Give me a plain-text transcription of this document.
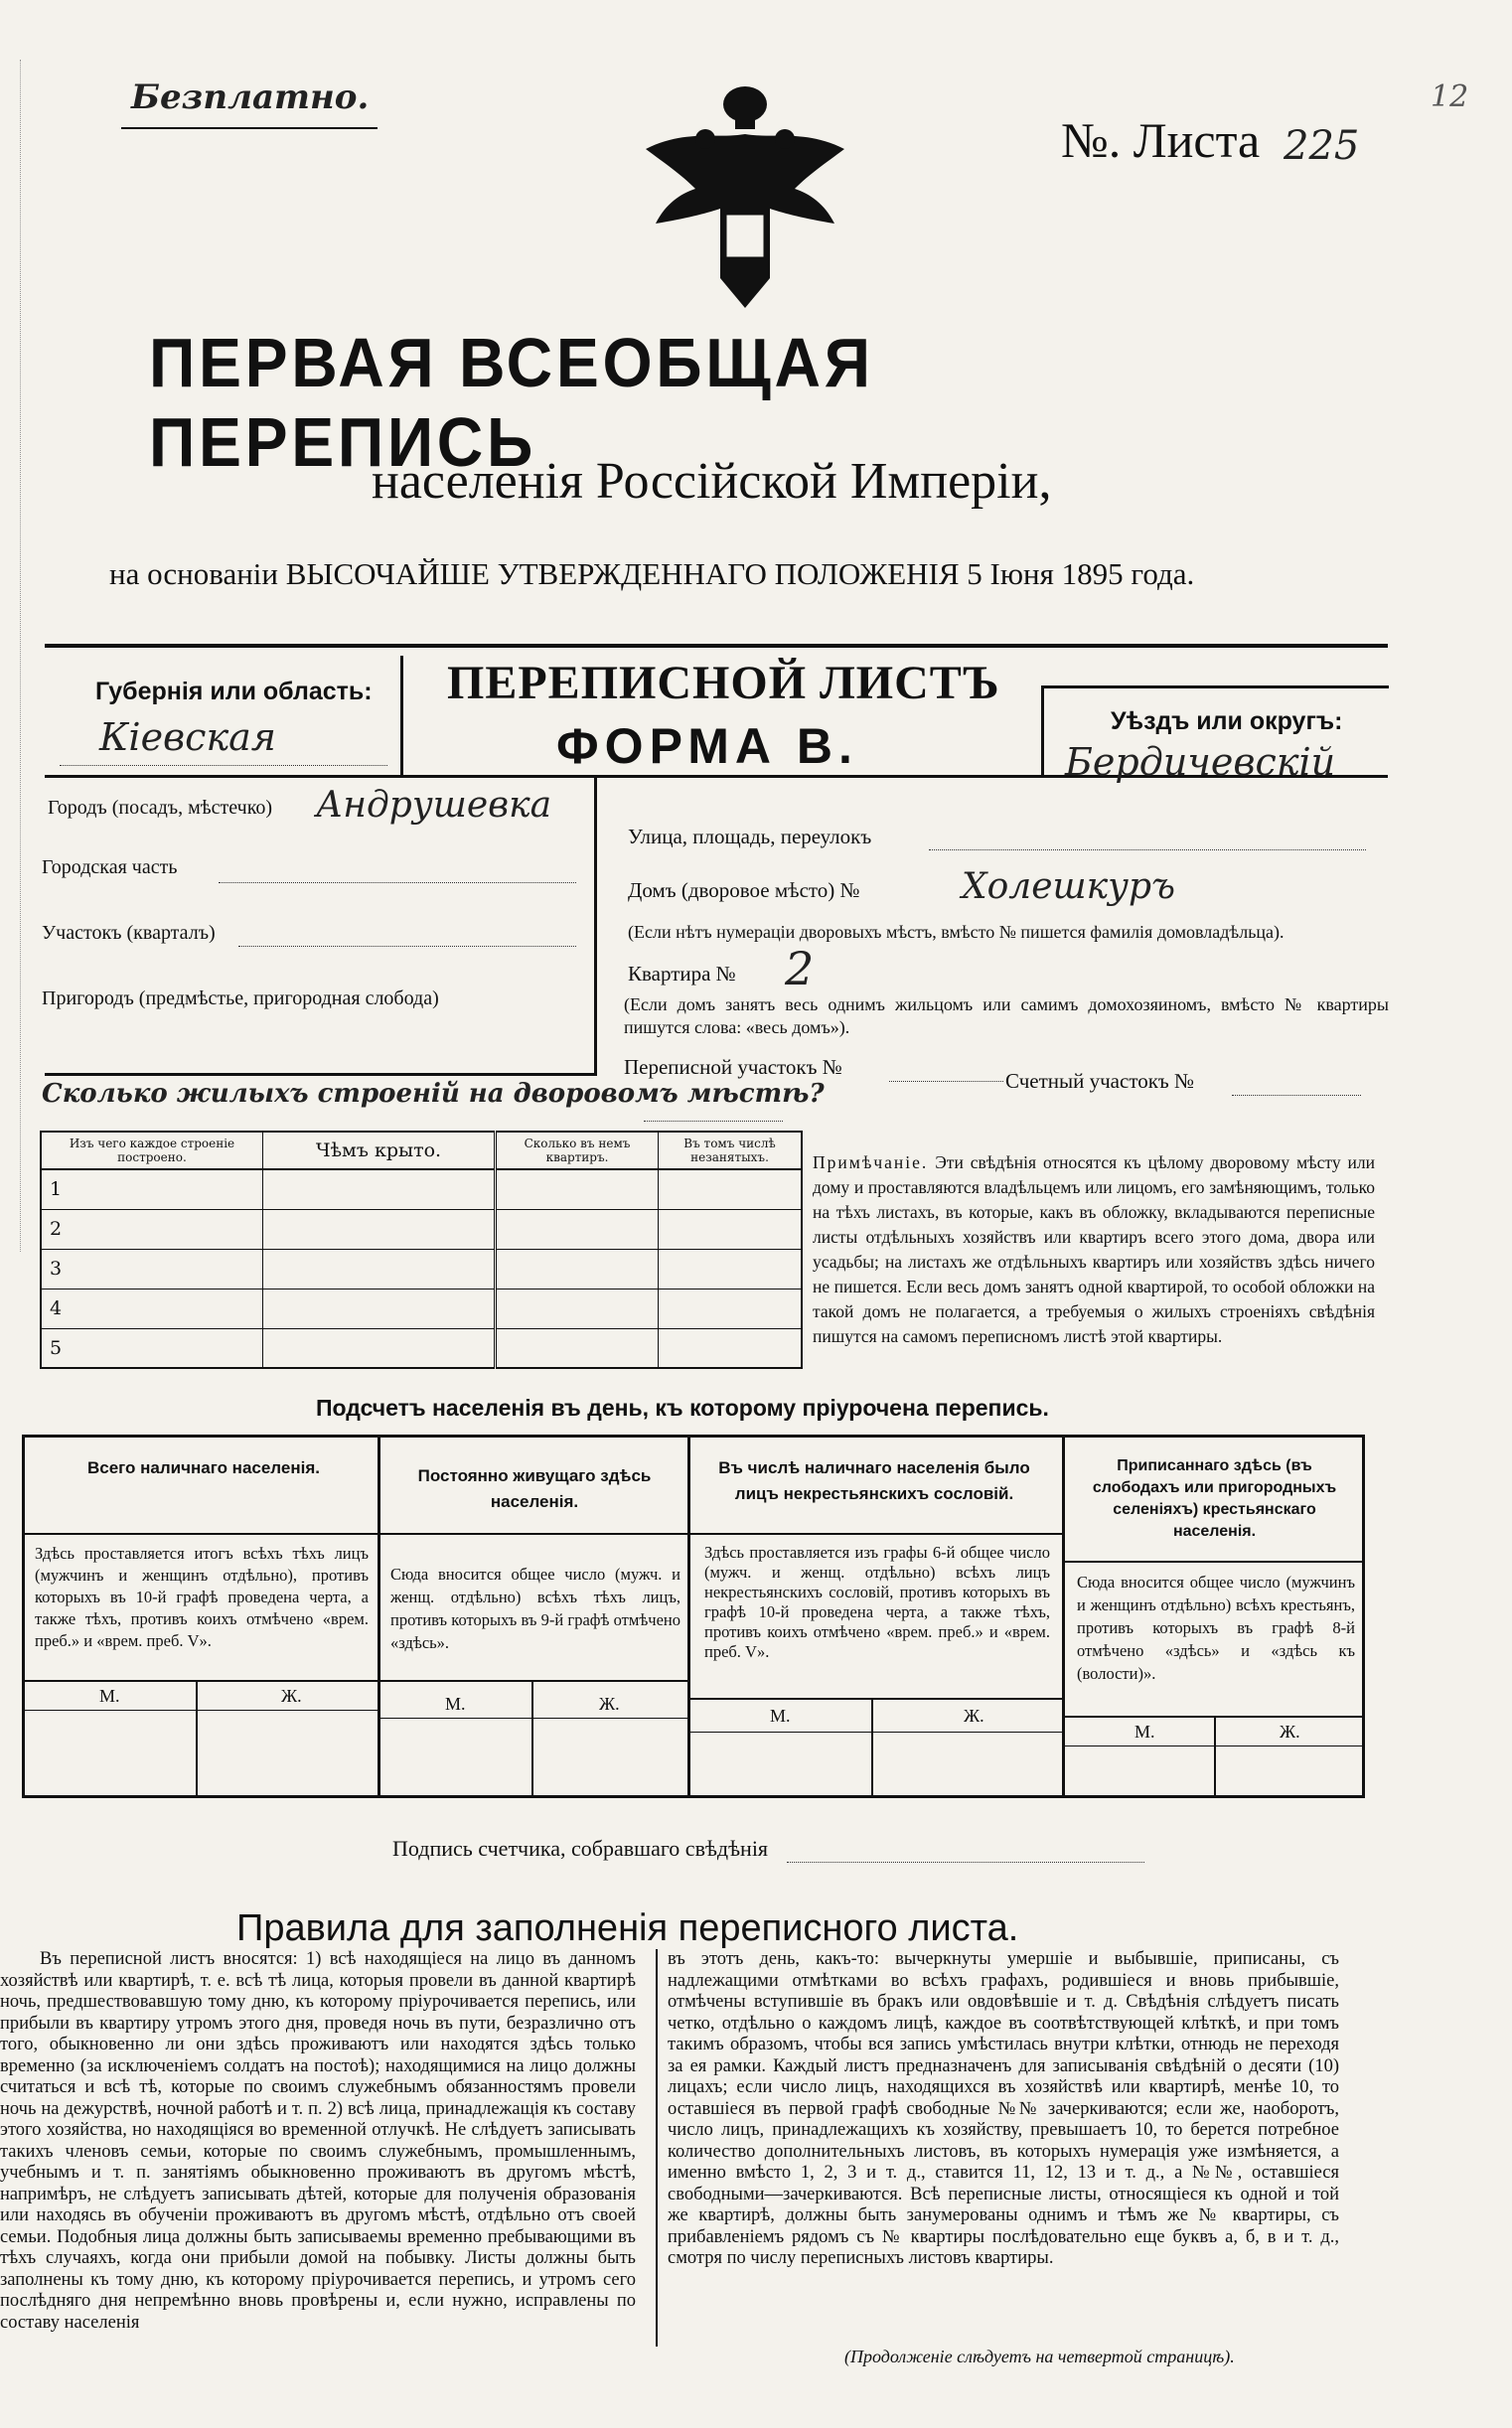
Безплатно.
№. Листа 225
12
ПЕРВАЯ ВСЕОБЩАЯ ПЕРЕПИСЬ
населенія Россійской Имперіи,
на основаніи ВЫСОЧАЙШЕ УТВЕРЖДЕННАГО ПОЛОЖЕНІЯ 5 Іюня 1895 года.
Губернія или область:
Кіевская
ПЕРЕПИСНОЙ ЛИСТЪ
ФОРМА В.	Уѣздъ или округъ:
Бердичевскій
Городъ (посадъ, мѣстечко) Андрушевка
Городская часть
Участокъ (кварталъ)
Пригородъ (предмѣстье, пригородная слобода)
Улица, площадь, переулокъ
Домъ (дворовое мѣсто) №	Холешкуръ
(Если нѣтъ нумераціи дворовыхъ мѣстъ, вмѣсто № пишется фамилія домовладѣльца).
Квартира № 2
(Если домъ занятъ весь однимъ жильцомъ или самимъ домохозяиномъ, вмѣсто № квартиры пишутся слова: «весь домъ»).
Переписной участокъ №
Счетный участокъ №
Сколько жилыхъ строеній на дворовомъ мѣстѣ?
Изъ чего каждое строеніе построено.	Чѣмъ крыто.	Сколько въ немъ квартиръ.	Въ томъ числѣ незанятыхъ.
1			
2			
3			
4			
5			
Примѣчаніе. Эти свѣдѣнія относятся къ цѣлому дворовому мѣсту или дому и проставляются владѣльцемъ или лицомъ, его замѣняющимъ, только на тѣхъ листахъ, въ которые, какъ въ обложку, вкладываются переписные листы отдѣльныхъ хозяйствъ или квартиръ всего этого дома, двора или усадьбы; на листахъ же отдѣльныхъ квартиръ или хозяйствъ здѣсь ничего не пишется. Если весь домъ занятъ одной квартирой, то особой обложки на такой домъ не полагается, а требуемыя о жилыхъ строеніяхъ свѣдѣнія пишутся на самомъ переписномъ листѣ этой квартиры.
Подсчетъ населенія въ день, къ которому пріурочена перепись.

Всего наличнаго населенія.

Здѣсь проставляется итогъ всѣхъ тѣхъ лицъ (мужчинъ и женщинъ отдѣльно), противъ которыхъ въ 10-й графѣ проведена черта, а также тѣхъ, противъ коихъ отмѣчено «врем. преб.» и «врем. преб. V».

М.	Ж.

Постоянно живущаго здѣсь населенія.

Сюда вносится общее число (мужч. и женщ. отдѣльно) всѣхъ тѣхъ лицъ, противъ которыхъ въ 9-й графѣ отмѣчено «здѣсь».

М.	Ж.

Въ числѣ наличнаго населенія было лицъ некрестьянскихъ сословій.

Здѣсь проставляется изъ графы 6-й общее число (мужч. и женщ. отдѣльно) всѣхъ лицъ некрестьянскихъ сословій, противъ которыхъ въ графѣ 10-й проведена черта, а также тѣхъ, противъ коихъ отмѣчено «врем. преб.» и «врем. преб. V».

М.	Ж.

Приписаннаго здѣсь (въ слободахъ или пригородныхъ селеніяхъ) крестьянскаго населенія.

Сюда вносится общее число (мужчинъ и женщинъ отдѣльно) всѣхъ крестьянъ, противъ которыхъ въ графѣ 8-й отмѣчено «здѣсь» и «здѣсь къ (волости)».

М.	Ж.
Подпись счетчика, собравшаго свѣдѣнія
Правила для заполненія переписного листа.
Въ переписной листъ вносятся: 1) всѣ находящіеся на лицо въ данномъ хозяйствѣ или квартирѣ, т. е. всѣ тѣ лица, которыя провели въ данной квартирѣ ночь, предшествовавшую тому дню, къ которому пріурочивается перепись, или прибыли въ квартиру утромъ этого дня, проведя ночь въ пути, безразлично отъ того, обыкновенно ли они здѣсь проживаютъ или находятся здѣсь только временно (за исключеніемъ солдатъ на постоѣ); находящимися на лицо должны считаться и всѣ тѣ, которые по своимъ служебнымъ обязанностямъ провели ночь на дежурствѣ, ночной работѣ и т. п. 2) всѣ лица, принадлежащія къ составу этого хозяйства, но находящіяся во временной отлучкѣ. Не слѣдуетъ записывать такихъ членовъ семьи, которые по своимъ служебнымъ, промышленнымъ, учебнымъ и т. п. занятіямъ обыкновенно проживаютъ въ другомъ мѣстѣ, напримѣръ, не слѣдуетъ записывать дѣтей, которые для полученія образованія или находясь въ обученіи проживаютъ въ другомъ мѣстѣ, отдѣльно отъ своей семьи. Подобныя лица должны быть записываемы временно пребывающими въ тѣхъ случаяхъ, когда они прибыли домой на побывку. Листы должны быть заполнены къ тому дню, къ которому пріурочивается перепись, и утромъ сего послѣдняго дня непремѣнно вновь провѣрены и, если нужно, исправлены по составу населенія
въ этотъ день, какъ-то: вычеркнуты умершіе и выбывшіе, приписаны, съ надлежащими отмѣтками во всѣхъ графахъ, родившіеся и вновь прибывшіе, отмѣчены вступившіе въ бракъ или овдовѣвшіе и т. д. Свѣдѣнія слѣдуетъ писать четко, отдѣльно о каждомъ лицѣ, каждое въ соотвѣтствующей клѣткѣ, и при томъ такимъ образомъ, чтобы вся запись умѣстилась внутри клѣтки, отнюдь не переходя за ея рамки. Каждый листъ предназначенъ для записыванія свѣдѣній о десяти (10) лицахъ; если число лицъ, находящихся въ хозяйствѣ или квартирѣ, менѣе 10, то оставшіеся въ первой графѣ свободные №№ зачеркиваются; если же, наоборотъ, число лицъ, принадлежащихъ къ хозяйству, превышаетъ 10, то берется потребное количество дополнительныхъ листовъ, въ которыхъ нумерація уже измѣняется, а именно вмѣсто 1, 2, 3 и т. д., ставится 11, 12, 13 и т. д., а №№, оставшіеся свободными—зачеркиваются. Всѣ переписные листы, относящіеся къ одной и той же квартирѣ, должны быть занумерованы однимъ и тѣмъ же № квартиры, съ прибавленіемъ рядомъ съ № квартиры послѣдовательно еще буквъ а, б, в и т. д., смотря по числу переписныхъ листовъ квартиры.
(Продолженіе слѣдуетъ на четвертой страницѣ).
